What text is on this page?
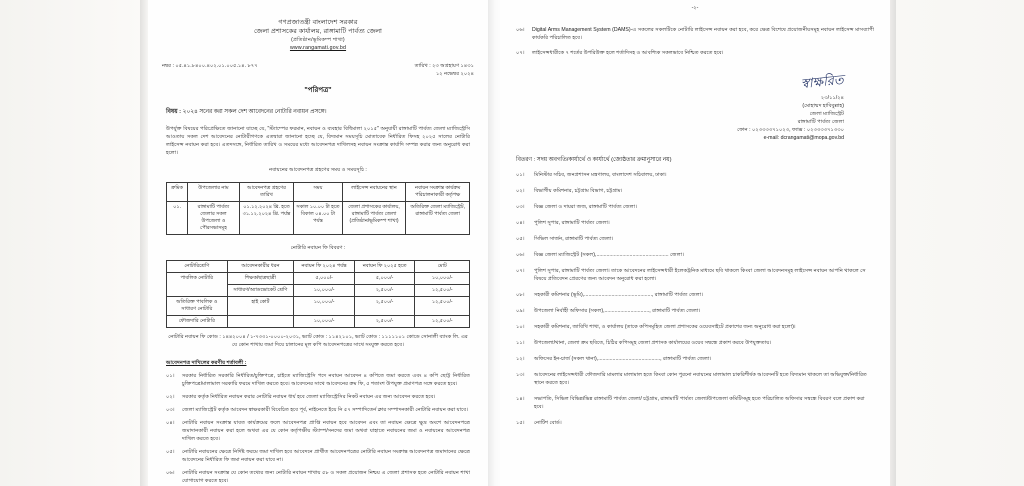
গণপ্রজাতন্ত্রী বাংলাদেশ সরকার
জেলা প্রশাসকের কার্যালয়, রাঙ্গামাটি পার্বত্য জেলা
(প্রতিষ্ঠান/ভূমিকম্প শাখা)
www.rangamati.gov.bd
নম্বর : ০৫.৪১.৮৪০০.৪০২.০১.০০৫.১৪. ৮৭৭	তারিখ : ২৩ অগ্রহায়ণ ১৪৩১
১২ নভেম্বর ২০২৪
"পরিপত্র"
বিষয় : ২০২৪ সনের করা সকল দেশ আবেদনের নোটারি নবায়ন প্রসঙ্গে।
উপর্যুক্ত বিষয়ের পরিপ্রেক্ষিতে জানানো যাচ্ছে যে, "স্ট্যাম্পের ফরমান, নবায়ন ও ব্যবহার বিধিমালা ২০১৫" অনুযায়ী রাঙ্গামাটি পার্বত্য জেলা ম্যাজিস্ট্রেসি আওতায় সকল দেশ আবেদনের নোটারীগণকে এতদ্বারা জানানো হচ্ছে যে, বিদ্যমান সময়সূচি মোতাবেক নির্ধারিত ফিসহ ২০২৫ সালের নোটারি লাইসেন্স নবায়ন করা হবে। এতদসঙ্গে, নির্ধারিত তারিখ ও সময়ের মধ্যে আবেদনপত্র দাখিলসহ নবায়ন সংক্রান্ত কার্যাদি সম্পন্ন করার জন্য অনুরোধ করা হলো।
নবায়নের আবেদনপত্র গ্রহণের সময় ও সময়সূচি :
ক্রমিক	উপজেলার নাম	আবেদনপত্র গ্রহণের তারিখ	সময়	লাইসেন্স নবায়নের স্থান	নবায়ন সংক্রান্ত কার্যক্রম পরিচালনাকারী কর্তৃপক্ষ
০১.	রাঙ্গামাটি পার্বত্য জেলার সকল উপজেলা ও পৌরসভাসমূহ	০১.১২.২০২৪ খ্রি. হতে ৩১.১২.২০২৪ খ্রি. পর্যন্ত	সকাল ১০.০০ টা হতে বিকাল ০৪.০০ টা পর্যন্ত	জেলা প্রশাসকের কার্যালয়, রাঙ্গামাটি পার্বত্য জেলা (প্রতিষ্ঠান/ভূমিকম্প শাখা)	অতিরিক্ত জেলা ম্যাজিস্ট্রেট, রাঙ্গামাটি পার্বত্য জেলা
নোটারি নবায়ন ফি বিবরণ :
নোটারিশ্রেণি	আবেদনকারীর ধরন	নবায়ন ফি ২০২৪ পর্যন্ত	নবায়ন ফি ২০২৫ হতে	মোট
পাবলিক নোটারি	শিক্ষক/ছাত্রছাত্রী	৫,০০০/-	৫,০০০/-	১০,০০০/-
	সাধারণ/অ্যাডভোকেট শ্রেণি	১০,০০০/-	২,৫০০/-	১২,৫০০/-
অতিরিক্ত পাবলিক ও সাধারণ নোটারি	হাই কোর্ট	১০,০০০/-	২,৫০০/-	১২,৫০০/-
ফৌজদারি নোটারি		১০,০০০/-	২,৫০০/-	১২,৫০০/-
নোটারি নবায়ন ফি কোড : ১৪৪২০০৪ / ১-৭৩৩১-০০০০-২০৩১, ভ্যাট কোড : ১১৪২১০১, ভ্যাট কোড : ১১১১১০১ কোডে সোনালী ব্যাংক লি. এর যে কোন শাখায় জমা দিয়ে চালানের মূল কপি আবেদনপত্রের সাথে সংযুক্ত করতে হবে।
আবেদনপত্র দাখিলের করণীয় শর্তাবলী :
০১।	সরকার নির্ধারিত সরকারি নির্ধারিত/চুক্তিপত্রে, চাইতে ম্যাজিস্ট্রেসি পদে নবায়ন আবেদন ৪ কপিতে জমা করতে এবং ৪ কপি ছোট্ট নির্ধারিত চুক্তিপত্রে/মালামাল সরকারি ফরমে দাখিল করতে হবে। আবেদনের সাথে আবেদনের ক্রম ফি, ৫ শতাংশ উপযুক্ত প্রমাণপত্র সঙ্গে করতে হবে।
০২।	সরকার কর্তৃক নির্ধারিত নবায়ন করার নোটারি নবায়ন ধার্য হবে জেলা ম্যাজিস্ট্রেসির নিকট নবায়ন এর জন্য আবেদন করতে হবে।
০৩।	জেলা ম্যাজিস্ট্রেট কর্তৃক আবেদন স্বাক্ষরকারী বিবেচিত হবে পূর্ব, নাইনেতে ইয়ে নি ৫৭ সম্পাদিতের্ন ক্লার সম্পাদনকারী নোটারি নবায়ন করা যাবে।
০৪।	নোটারি নবায়ন সংক্রান্ত যাবত কার্যক্রমের ফলে আবেদনপত্র প্রাপ্তি নবায়ন হবে আবেদন এবং তা নবায়ন ক্ষেত্রে ক্ষুদ্র অংশে আবেদনপত্রে জমাদানকারী নবায়ন করা হলে অথবা এর যে কোন কর্তৃপক্ষীয় স্ট্যাম্প/সনদের জমা অথবা যাহাতে নবায়নের জমা ও নবায়নের আবেদনপত্র দাখিল করতে হবে।
০৫।	নোটারি নবায়নের ক্ষেত্রে নির্দিষ্ট ফরমে জমা দাখিল হবে আবেদনে প্রার্থীত আবেদনপত্রের নোটারি নবায়ন সংক্রান্ত আবেদনপত্র জমাদানের ক্ষেত্রে আবেদনের নির্ধারিত ফি জমা নবায়ন করা যাবে না।
০৬।	নোটারি নবায়ন সংক্রান্ত যে কোন তথ্যের জন্য নোটারি নবায়ন শাখায় ৫৮ ও সকল প্রয়োজন নিশ্চয় এ জেলা প্রশাসক হতে নোটারি নবায়ন শাখা যোগাযোগ করতে হবে।
-২-
০৬।	Digital Arms Management System (DAMS)-এ সকলের সকলটিকে নোটারি লাইসেন্স নবায়ন করা হবে, করে ক্ষেত্র বিশেষে প্রয়োজনীয়সমূহ নবায়ন লাইসেন্স মাসব্যাপী কার্যকরি পরিচালিত হবে।
০৭।	লাইসেন্সধারীকে ৭ শর্তের উপরিউক্ত হলে শর্তাদিসহ ও আবশ্যিক সকলভাবে নিশ্চিত করতে হবে।
স্বাক্ষরিত
২৩/১১/২৪
(মোহাম্মদ হাবিবুল্লাহ)
জেলা ম্যাজিস্ট্রেট
রাঙ্গামাটি পার্বত্য জেলা
ফোন : ০২৩৩৩৩৭১০২৩, ফ্যাক্স : ০২৩৩৩৩৭১৩৩০
e-mail: dcrangamati@mopa.gov.bd
বিতরণ : সদয় অবগতি/কার্যার্থে ও কার্যার্থে (জ্যেষ্ঠতার ক্রমানুসারে নয়)
০১।	মিনিস্টার সচিব, জনপ্রশাসন মন্ত্রণালয়, বাংলাদেশ সচিবালয়, ঢাকা।
০২।	বিভাগীয় কমিশনার, চট্টগ্রাম বিভাগ, চট্টগ্রাম।
০৩।	বিজ্ঞ জেলা ও দায়রা জজ, রাঙ্গামাটি পার্বত্য জেলা।
০৪।	পুলিশ সুপার, রাঙ্গামাটি পার্বত্য জেলা।
০৫।	সিভিল সার্জন, রাঙ্গামাটি পার্বত্য জেলা।
০৬।	বিজ্ঞ জেলা ম্যাজিস্ট্রেট (সকল),.................................................. জেলা।
০৭।	পুলিশ সুপার, রাঙ্গামাটি পার্বত্য জেলা। তাকে আবেদনের লাইসেন্সধারী ইলেকট্রনিক মাধ্যমে ছবি থাকলে কিংবা জেলা আবেদনসমূহ লাইসেন্স নবায়ন আপনি থাকলে সে বিষয়ে প্রতিবেদন প্রেরণের জন্য আবেদন অনুরোধ করা হলো।
০৮।	সহকারী কমিশনার (ভূমি),..............................................., রাঙ্গামাটি পার্বত্য জেলা।
০৯।	উপজেলা নির্বাহী অফিসার (সকল),..............................., রাঙ্গামাটি পার্বত্য জেলা।
১০।	সহকারী কমিশনার, জাবিখি শাখা, ও কার্যালয় (তাকে কপিসমূহিত জেলা প্রশাসকের ওয়েবসাইটে প্রকাশের জন্য অনুরোধ করা হলো)।
১১।	উপজেলা/থানা, জেলা ক্রম ছবিতে, চিঠির কপিসমূহ জেলা প্রশাসক কার্যালয়ের ওয়েব সম্বন্ধে প্রকাশ করবে উপযুক্ততায়।
১২।	অফিসের ইন-চার্জ (সকল থানা),..........................................., রাঙ্গামাটি পার্বত্য জেলা।
১৩।	আবেদনের লাইসেন্সধারী ফৌজদারি মামলার মালামাল হতে কিংবা কোন পুরনো নবায়নের মালামাল চাকরিশীর্ষক আবেদনটি হতে বিদ্যমান থাকলে তা অভিযুক্ত/নির্ধারিত স্থানে করতে হবে।
১৪।	সভাপতি, সিভিল বিভিন্ন/ভিন্ন রাঙ্গামাটি পার্বত্য জেলা/ চট্টগ্রাম, রাঙ্গামাটি পার্বত্য জেলা/উপজেলা কমিটিসমূহ হতে পরিচালিত অফিসার সম্বন্ধে বিবরণ বলে প্রকাশ করা হবে।
১৫।	নোটিশ বোর্ড।
